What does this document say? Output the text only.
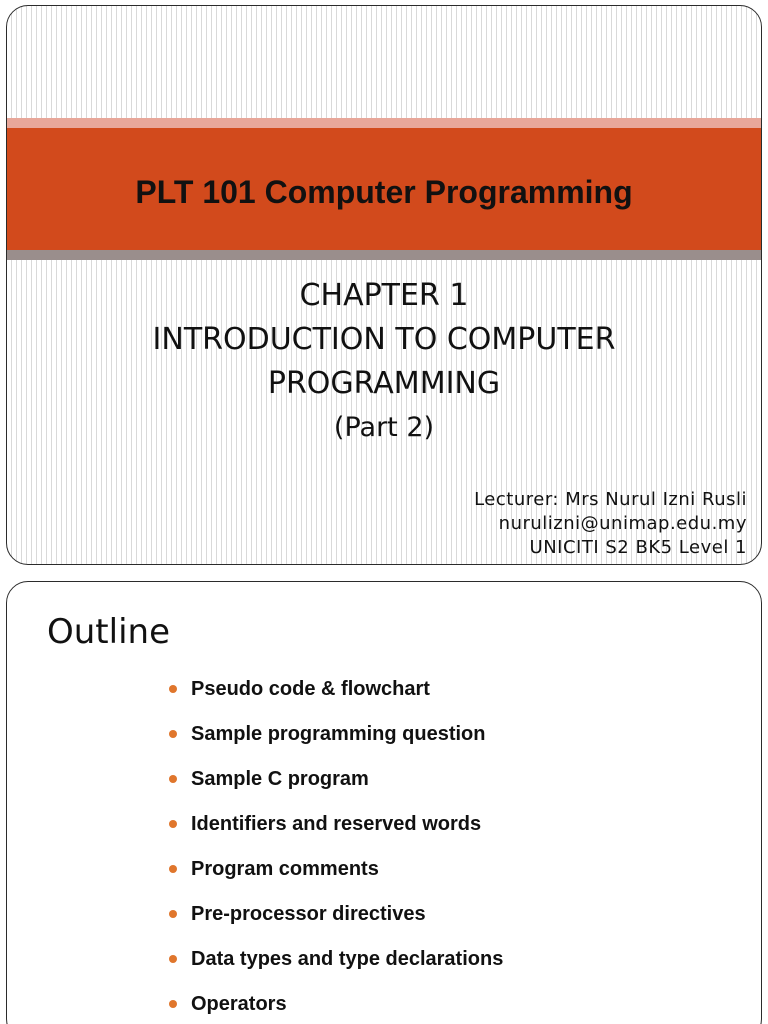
PLT 101 Computer Programming
CHAPTER 1
INTRODUCTION TO COMPUTER
PROGRAMMING
(Part 2)
Lecturer: Mrs Nurul Izni Rusli
nurulizni@unimap.edu.my
UNICITI S2 BK5 Level 1
Outline
Pseudo code & flowchart
Sample programming question
Sample C program
Identifiers and reserved words
Program comments
Pre-processor directives
Data types and type declarations
Operators
